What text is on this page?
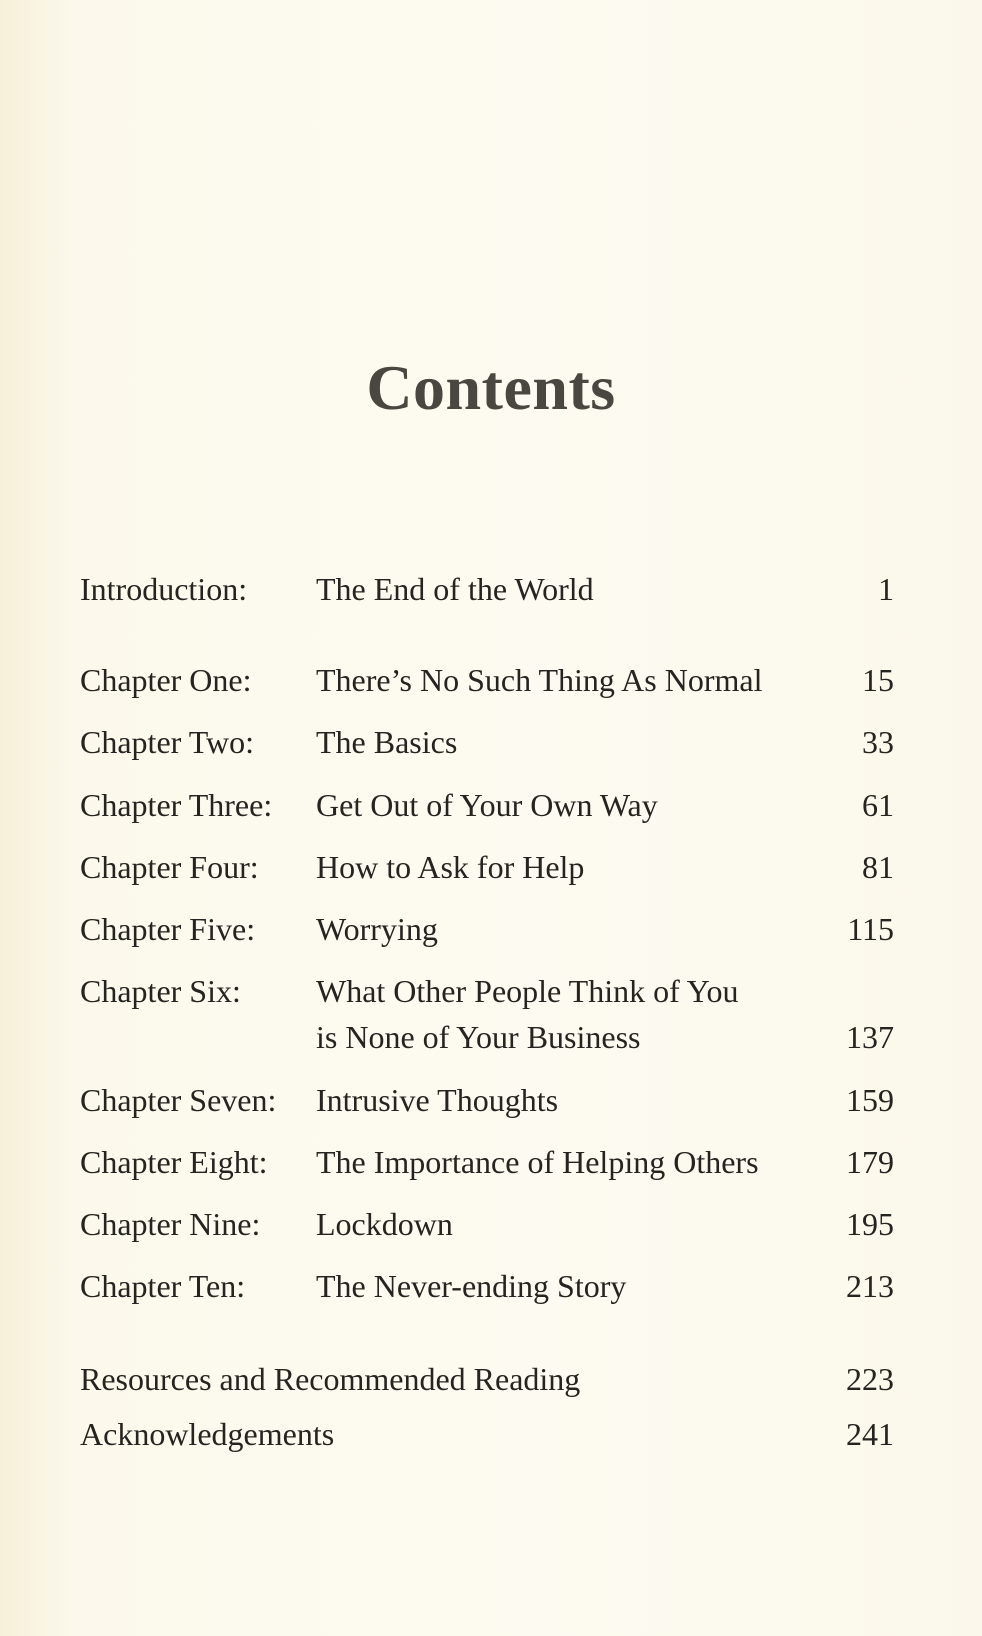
Contents
Introduction: The End of the World	1
Chapter One: There’s No Such Thing As Normal	15
Chapter Two: The Basics	33
Chapter Three: Get Out of Your Own Way	61
Chapter Four: How to Ask for Help	81
Chapter Five: Worrying	115
Chapter Six: What Other People Think of You
is None of Your Business	137
Chapter Seven: Intrusive Thoughts	159
Chapter Eight: The Importance of Helping Others	179
Chapter Nine: Lockdown	195
Chapter Ten: The Never-ending Story	213
Resources and Recommended Reading	223
Acknowledgements	241
